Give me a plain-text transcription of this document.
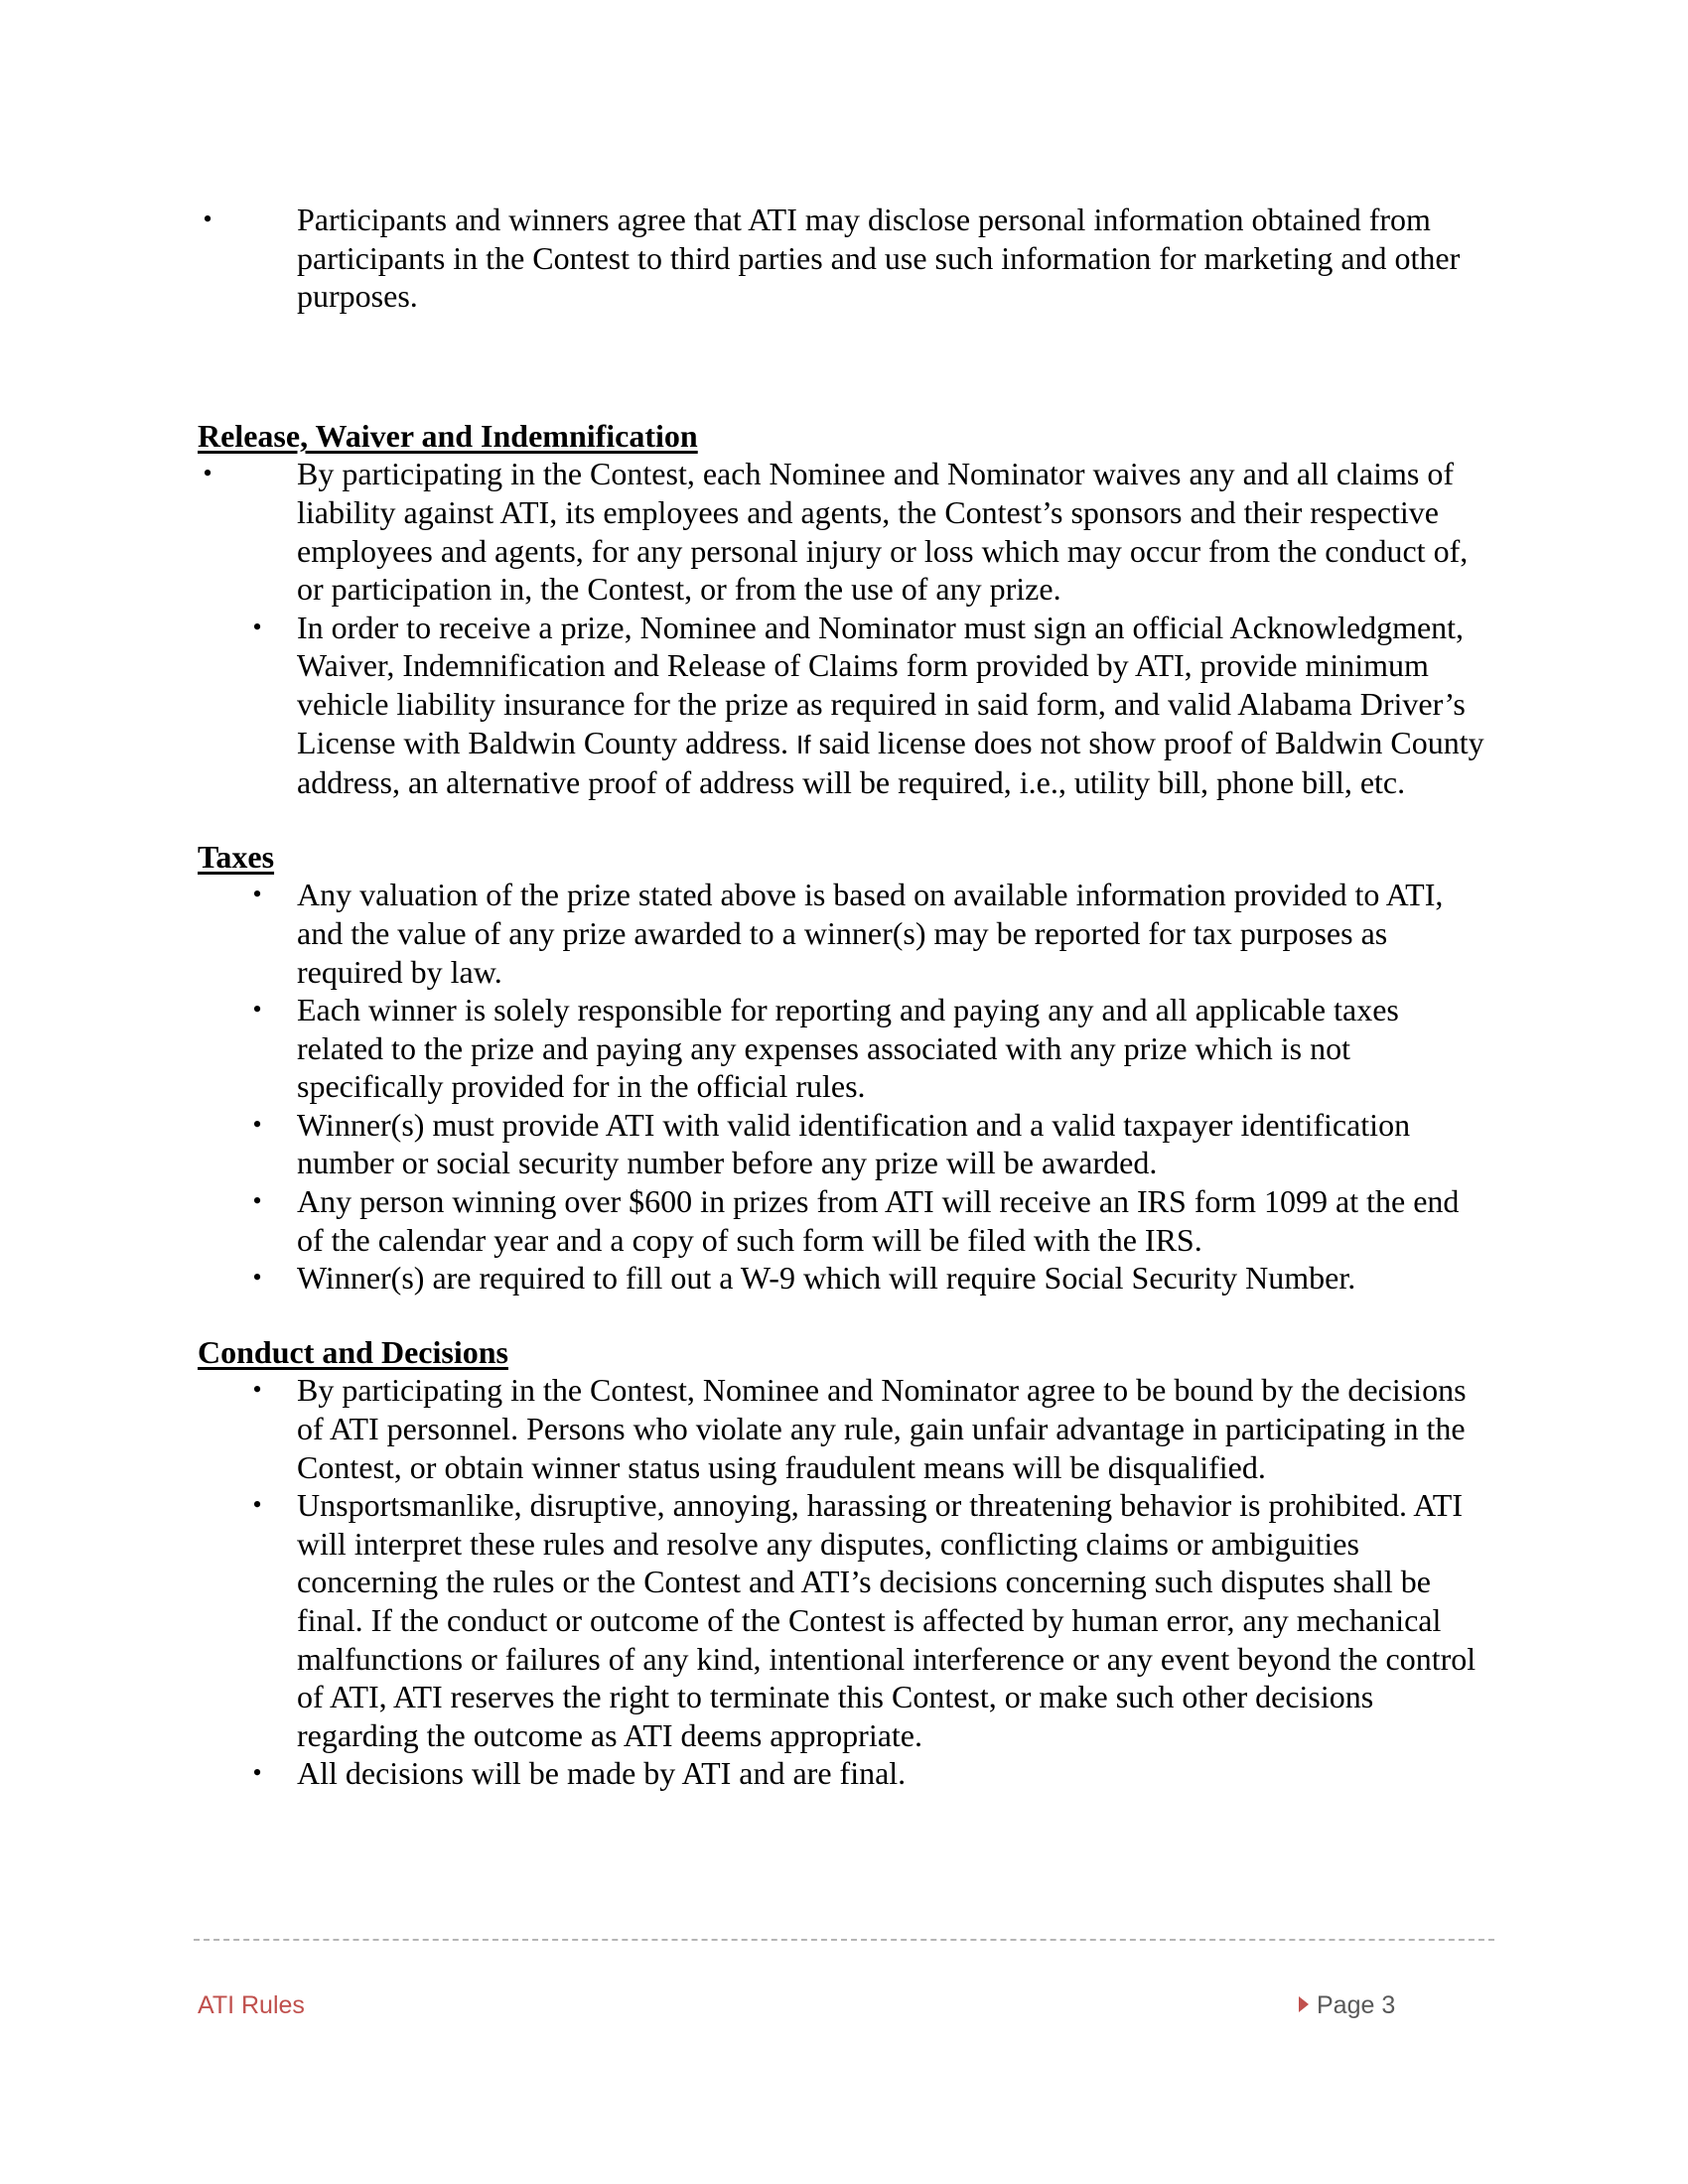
•	Participants and winners agree that ATI may disclose personal information obtained from participants in the Contest to third parties and use such information for marketing and other purposes.

Release, Waiver and Indemnification

•	By participating in the Contest, each Nominee and Nominator waives any and all claims of liability against ATI, its employees and agents, the Contest’s sponsors and their respective employees and agents, for any personal injury or loss which may occur from the conduct of, or participation in, the Contest, or from the use of any prize.

• In order to receive a prize, Nominee and Nominator must sign an official Acknowledgment, Waiver, Indemnification and Release of Claims form provided by ATI, provide minimum vehicle liability insurance for the prize as required in said form, and valid Alabama Driver’s License with Baldwin County address. If said license does not show proof of Baldwin County address, an alternative proof of address will be required, i.e., utility bill, phone bill, etc.

Taxes

• Any valuation of the prize stated above is based on available information provided to ATI, and the value of any prize awarded to a winner(s) may be reported for tax purposes as required by law.

• Each winner is solely responsible for reporting and paying any and all applicable taxes related to the prize and paying any expenses associated with any prize which is not specifically provided for in the official rules.

• Winner(s) must provide ATI with valid identification and a valid taxpayer identification number or social security number before any prize will be awarded.

• Any person winning over $600 in prizes from ATI will receive an IRS form 1099 at the end of the calendar year and a copy of such form will be filed with the IRS.

• Winner(s) are required to fill out a W-9 which will require Social Security Number.

Conduct and Decisions

• By participating in the Contest, Nominee and Nominator agree to be bound by the decisions of ATI personnel. Persons who violate any rule, gain unfair advantage in participating in the Contest, or obtain winner status using fraudulent means will be disqualified.

• Unsportsmanlike, disruptive, annoying, harassing or threatening behavior is prohibited. ATI will interpret these rules and resolve any disputes, conflicting claims or ambiguities concerning the rules or the Contest and ATI’s decisions concerning such disputes shall be final. If the conduct or outcome of the Contest is affected by human error, any mechanical malfunctions or failures of any kind, intentional interference or any event beyond the control of ATI, ATI reserves the right to terminate this Contest, or make such other decisions regarding the outcome as ATI deems appropriate.

• All decisions will be made by ATI and are final.

ATI Rules	Page 3
